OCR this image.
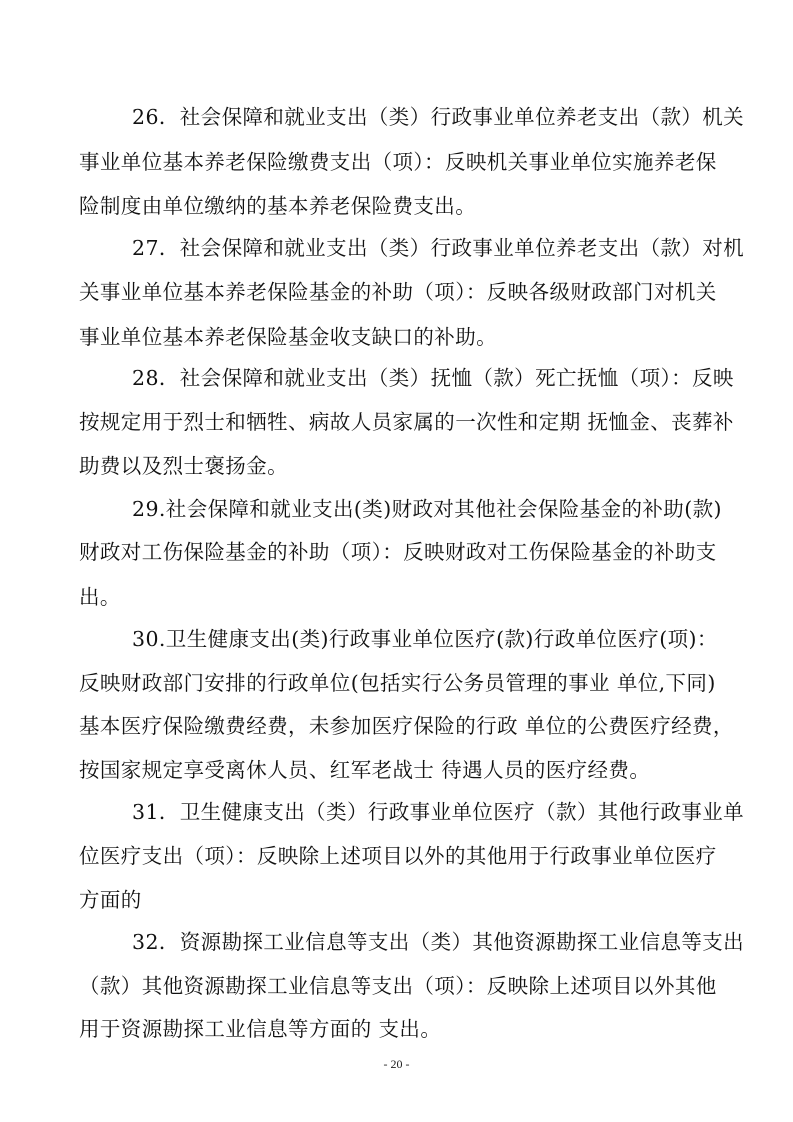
26．社会保障和就业支出（类）行政事业单位养老支出（款）机关
事业单位基本养老保险缴费支出（项）：反映机关事业单位实施养老保
险制度由单位缴纳的基本养老保险费支出。
27．社会保障和就业支出（类）行政事业单位养老支出（款）对机
关事业单位基本养老保险基金的补助（项）：反映各级财政部门对机关
事业单位基本养老保险基金收支缺口的补助。
28．社会保障和就业支出（类）抚恤（款）死亡抚恤（项）：反映
按规定用于烈士和牺牲、病故人员家属的一次性和定期 抚恤金、丧葬补
助费以及烈士褒扬金。
29.社会保障和就业支出(类)财政对其他社会保险基金的补助(款)
财政对工伤保险基金的补助（项）：反映财政对工伤保险基金的补助支
出。
30.卫生健康支出(类)行政事业单位医疗(款)行政单位医疗(项)：
反映财政部门安排的行政单位(包括实行公务员管理的事业 单位,下同)
基本医疗保险缴费经费，未参加医疗保险的行政 单位的公费医疗经费，
按国家规定享受离休人员、红军老战士 待遇人员的医疗经费。
31．卫生健康支出（类）行政事业单位医疗（款）其他行政事业单
位医疗支出（项）：反映除上述项目以外的其他用于行政事业单位医疗
方面的
32．资源勘探工业信息等支出（类）其他资源勘探工业信息等支出
（款）其他资源勘探工业信息等支出（项）：反映除上述项目以外其他
用于资源勘探工业信息等方面的 支出。
- 20 -
